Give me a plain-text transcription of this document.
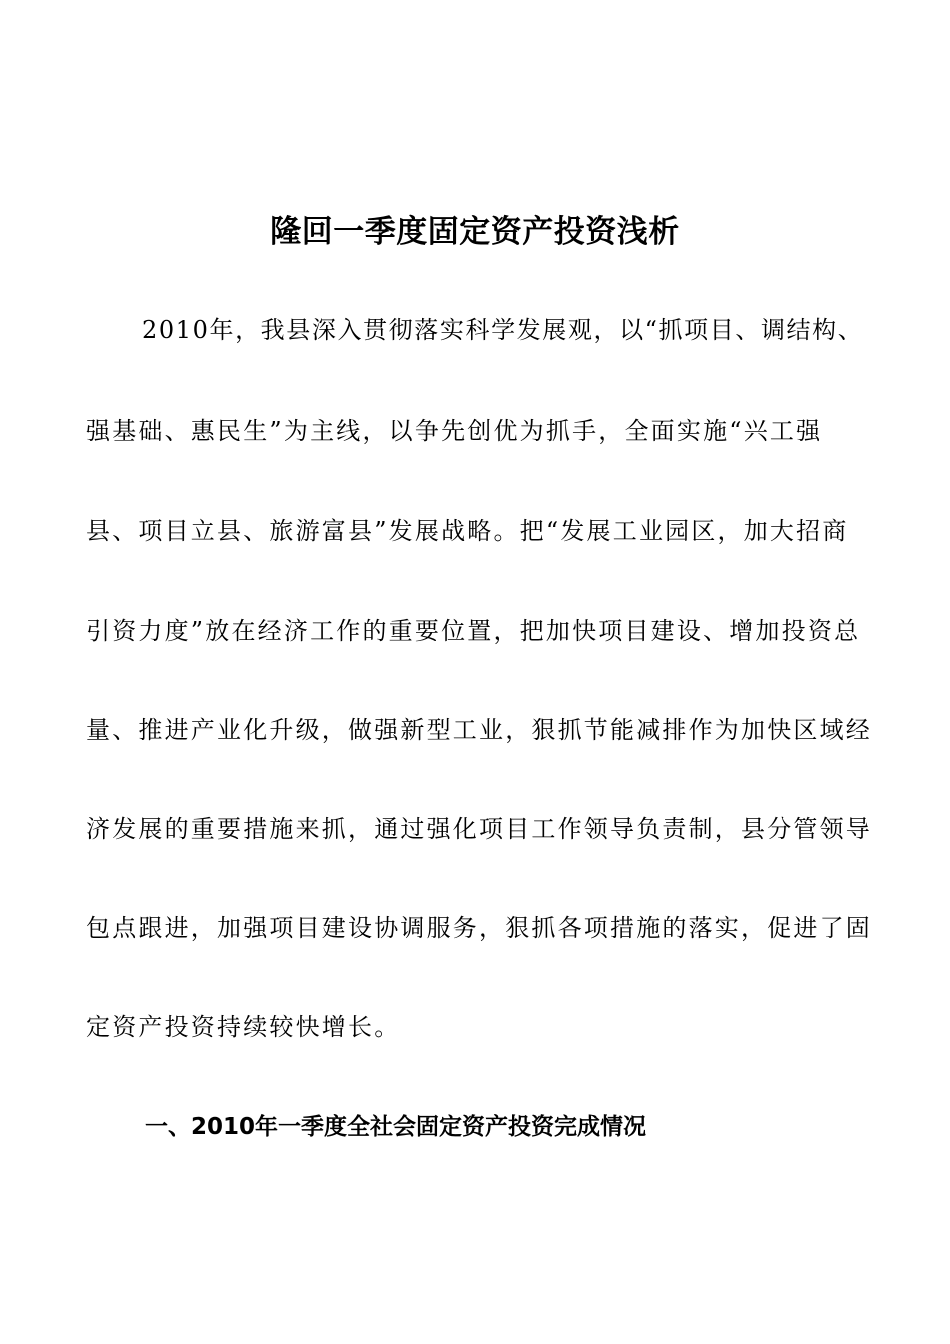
隆回一季度固定资产投资浅析
2010年，我县深入贯彻落实科学发展观，以“抓项目、调结构、
强基础、惠民生”为主线，以争先创优为抓手，全面实施“兴工强
县、项目立县、旅游富县”发展战略。把“发展工业园区，加大招商
引资力度”放在经济工作的重要位置，把加快项目建设、增加投资总
量、推进产业化升级，做强新型工业，狠抓节能减排作为加快区域经
济发展的重要措施来抓，通过强化项目工作领导负责制，县分管领导
包点跟进，加强项目建设协调服务，狠抓各项措施的落实，促进了固
定资产投资持续较快增长。
一、2010年一季度全社会固定资产投资完成情况
